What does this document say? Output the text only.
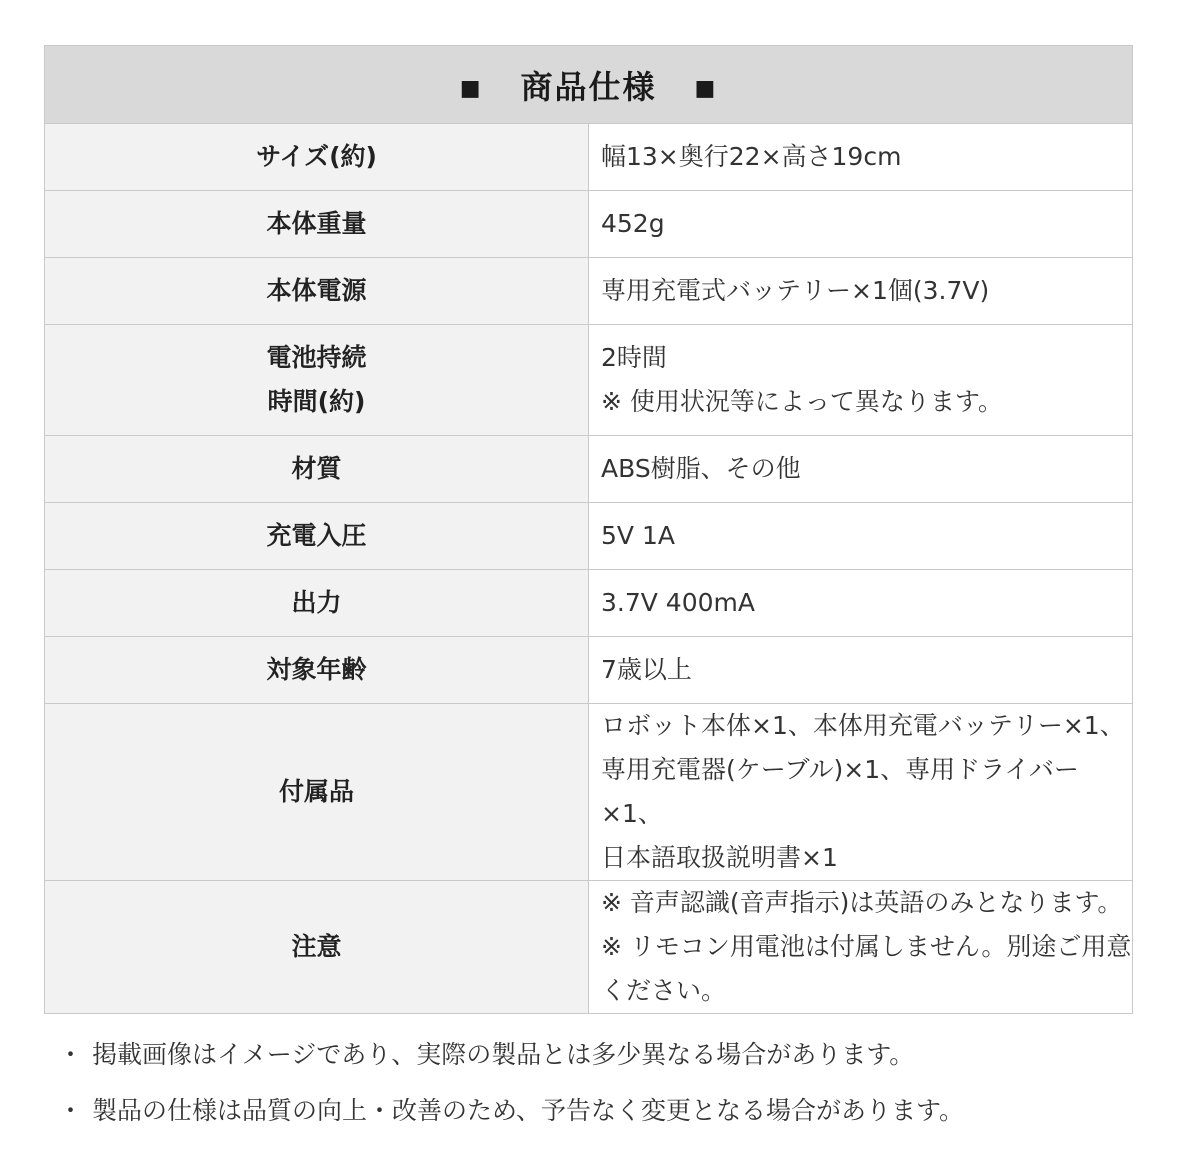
■ 商品仕様 ■	
サイズ(約)	幅13×奥行22×高さ19cm
本体重量	452g
本体電源	専用充電式バッテリー×1個(3.7V)

電池持続
時間(約)	2時間
※ 使用状況等によって異なります。

材質	ABS樹脂、その他
充電入圧	5V 1A
出力	3.7V 400mA
対象年齢	7歳以上
付属品	ロボット本体×1、本体用充電バッテリー×1、
専用充電器(ケーブル)×1、専用ドライバー×1、
日本語取扱説明書×1

注意	※ 音声認識(音声指示)は英語のみとなります。
※ リモコン用電池は付属しません。別途ご用意ください。
・ 掲載画像はイメージであり、実際の製品とは多少異なる場合があります。
・ 製品の仕様は品質の向上・改善のため、予告なく変更となる場合があります。
